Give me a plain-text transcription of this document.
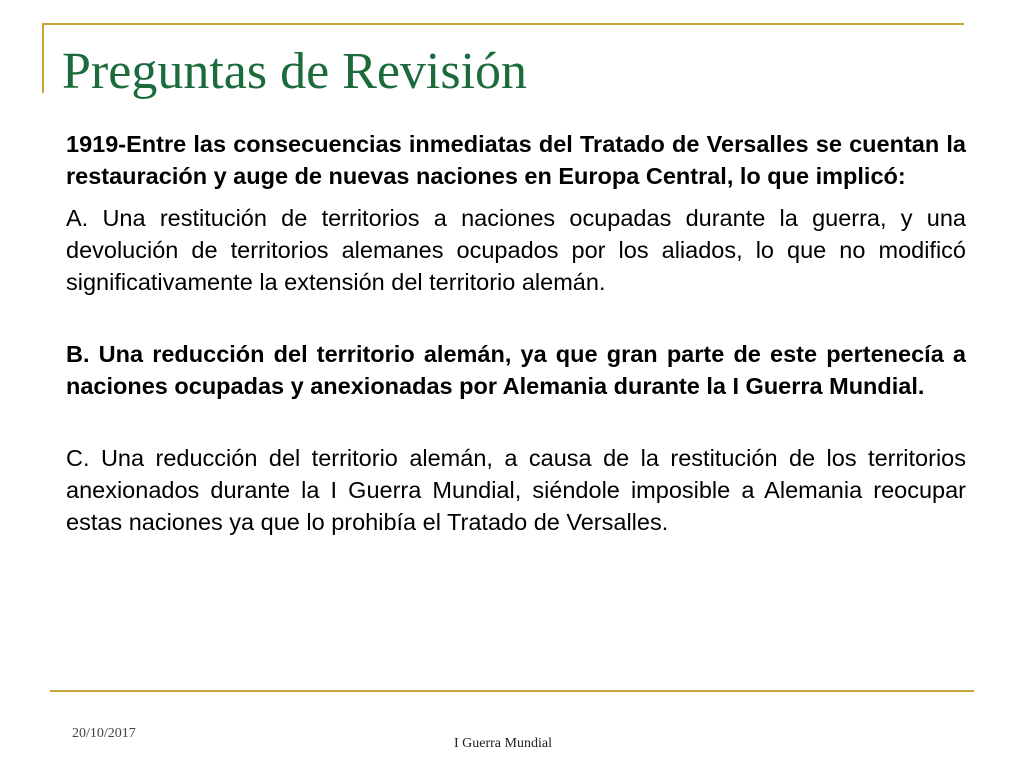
Preguntas de Revisión

1919-Entre las consecuencias inmediatas del Tratado de Versalles se cuentan la restauración y auge de nuevas naciones en Europa Central, lo que implicó:

A. Una restitución de territorios a naciones ocupadas durante la guerra, y una devolución de territorios alemanes ocupados por los aliados, lo que no modificó significativamente la extensión del territorio alemán.

B. Una reducción del territorio alemán, ya que gran parte de este pertenecía a naciones ocupadas y anexionadas por Alemania durante la I Guerra Mundial.

C. Una reducción del territorio alemán, a causa de la restitución de los territorios anexionados durante la I Guerra Mundial, siéndole imposible a Alemania reocupar estas naciones ya que lo prohibía el Tratado de Versalles.

20/10/2017
I Guerra Mundial
